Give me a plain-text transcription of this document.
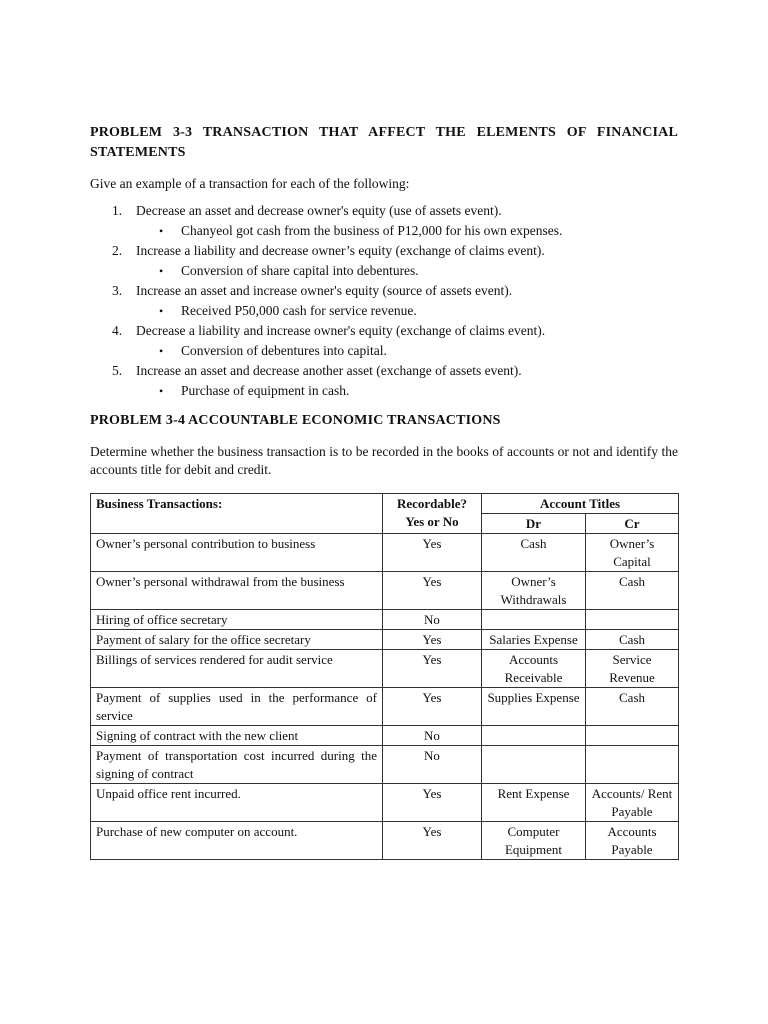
PROBLEM 3-3 TRANSACTION THAT AFFECT THE ELEMENTS OF FINANCIAL STATEMENTS

Give an example of a transaction for each of the following:

1. Decrease an asset and decrease owner's equity (use of assets event).
• Chanyeol got cash from the business of P12,000 for his own expenses.
2. Increase a liability and decrease owner’s equity (exchange of claims event).
• Conversion of share capital into debentures.
3. Increase an asset and increase owner's equity (source of assets event).
• Received P50,000 cash for service revenue.
4. Decrease a liability and increase owner's equity (exchange of claims event).
• Conversion of debentures into capital.
5. Increase an asset and decrease another asset (exchange of assets event).
• Purchase of equipment in cash.
PROBLEM 3-4 ACCOUNTABLE ECONOMIC TRANSACTIONS

Determine whether the business transaction is to be recorded in the books of accounts or not and identify the accounts title for debit and credit.

Business Transactions:	Recordable? Yes or No	Account Titles	
		Dr	Cr
Owner’s personal contribution to business	Yes	Cash	Owner’s Capital
Owner’s personal withdrawal from the business	Yes	Owner’s Withdrawals	Cash
Hiring of office secretary	No		
Payment of salary for the office secretary	Yes	Salaries Expense	Cash
Billings of services rendered for audit service	Yes	Accounts Receivable	Service Revenue
Payment of supplies used in the performance of service	Yes	Supplies Expense	Cash
Signing of contract with the new client	No		
Payment of transportation cost incurred during the signing of contract	No		
Unpaid office rent incurred.	Yes	Rent Expense	Accounts/ Rent Payable
Purchase of new computer on account.	Yes	Computer Equipment	Accounts Payable
